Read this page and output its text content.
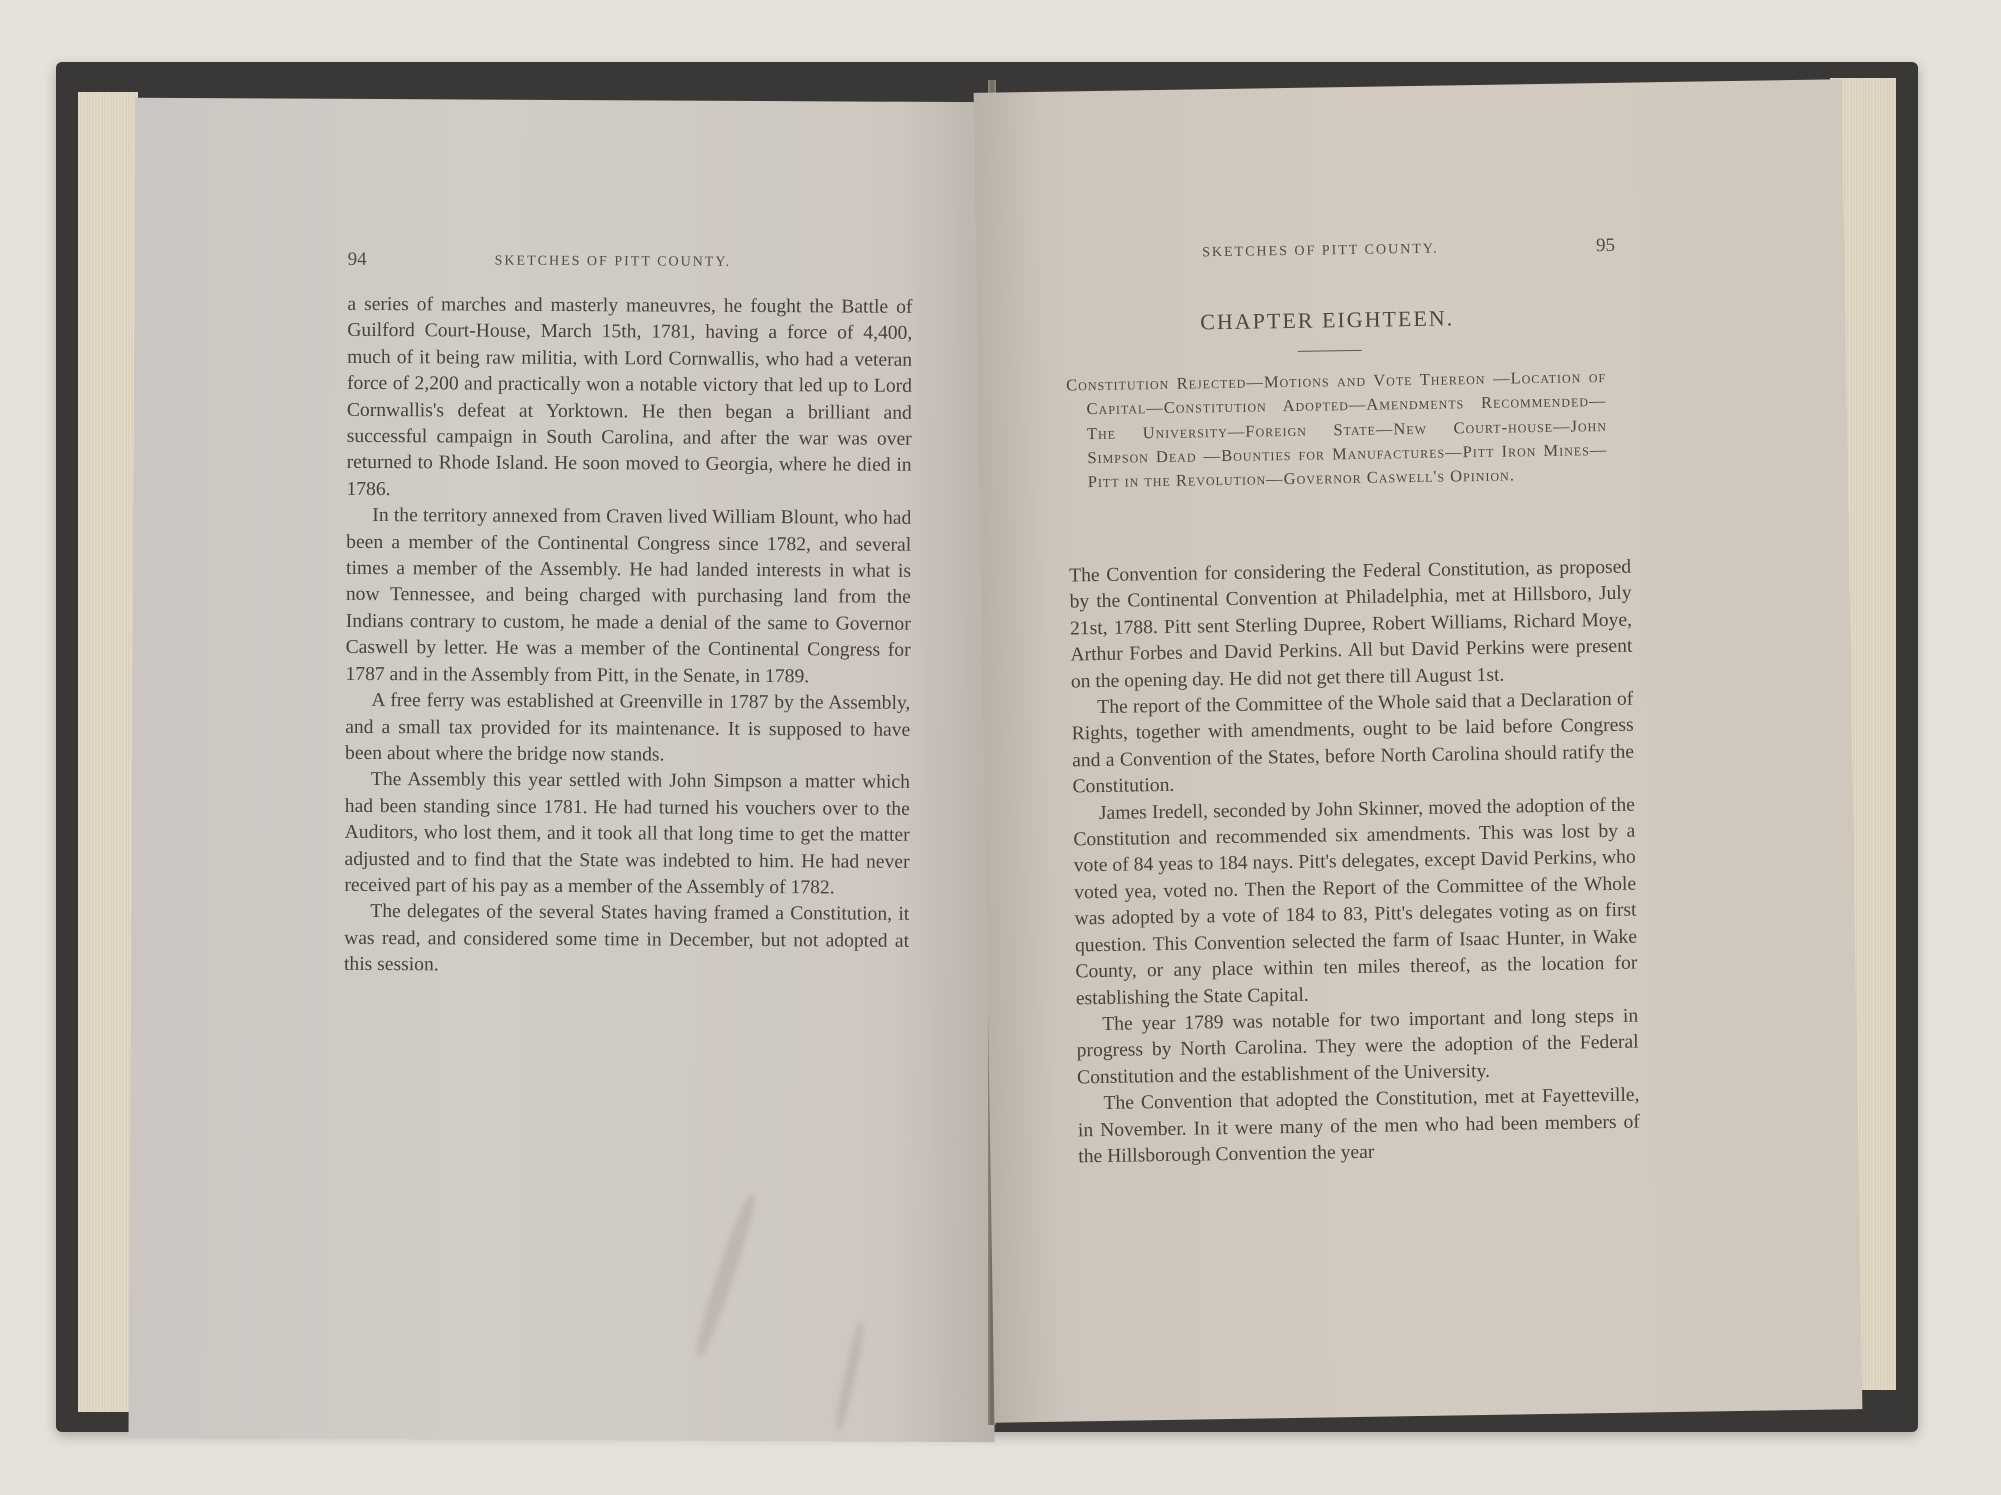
94	SKETCHES OF PITT COUNTY.

a series of marches and masterly maneuvres, he fought the Battle of Guilford Court-House, March 15th, 1781, having a force of 4,400, much of it being raw militia, with Lord Cornwallis, who had a veteran force of 2,200 and practically won a notable victory that led up to Lord Cornwallis's defeat at Yorktown. He then began a brilliant and successful campaign in South Carolina, and after the war was over returned to Rhode Island. He soon moved to Georgia, where he died in 1786.

In the territory annexed from Craven lived William Blount, who had been a member of the Continental Congress since 1782, and several times a member of the Assembly. He had landed interests in what is now Tennessee, and being charged with purchasing land from the Indians contrary to custom, he made a denial of the same to Governor Caswell by letter. He was a member of the Continental Congress for 1787 and in the Assembly from Pitt, in the Senate, in 1789.

A free ferry was established at Greenville in 1787 by the Assembly, and a small tax provided for its maintenance. It is supposed to have been about where the bridge now stands.

The Assembly this year settled with John Simpson a matter which had been standing since 1781. He had turned his vouchers over to the Auditors, who lost them, and it took all that long time to get the matter adjusted and to find that the State was indebted to him. He had never received part of his pay as a member of the Assembly of 1782.

The delegates of the several States having framed a Constitution, it was read, and considered some time in December, but not adopted at this session.

SKETCHES OF PITT COUNTY.	95
CHAPTER EIGHTEEN.
Constitution Rejected—Motions and Vote Thereon —Location of Capital—Constitution Adopted—Amendments Recommended—The University—Foreign State—New Court-house—John Simpson Dead —Bounties for Manufactures—Pitt Iron Mines—Pitt in the Revolution—Governor Caswell's Opinion.

The Convention for considering the Federal Constitution, as proposed by the Continental Convention at Philadelphia, met at Hillsboro, July 21st, 1788. Pitt sent Sterling Dupree, Robert Williams, Richard Moye, Arthur Forbes and David Perkins. All but David Perkins were present on the opening day. He did not get there till August 1st.

The report of the Committee of the Whole said that a Declaration of Rights, together with amendments, ought to be laid before Congress and a Convention of the States, before North Carolina should ratify the Constitution.

James Iredell, seconded by John Skinner, moved the adoption of the Constitution and recommended six amendments. This was lost by a vote of 84 yeas to 184 nays. Pitt's delegates, except David Perkins, who voted yea, voted no. Then the Report of the Committee of the Whole was adopted by a vote of 184 to 83, Pitt's delegates voting as on first question. This Convention selected the farm of Isaac Hunter, in Wake County, or any place within ten miles thereof, as the location for establishing the State Capital.

The year 1789 was notable for two important and long steps in progress by North Carolina. They were the adoption of the Federal Constitution and the establishment of the University.

The Convention that adopted the Constitution, met at Fayetteville, in November. In it were many of the men who had been members of the Hillsborough Convention the year
